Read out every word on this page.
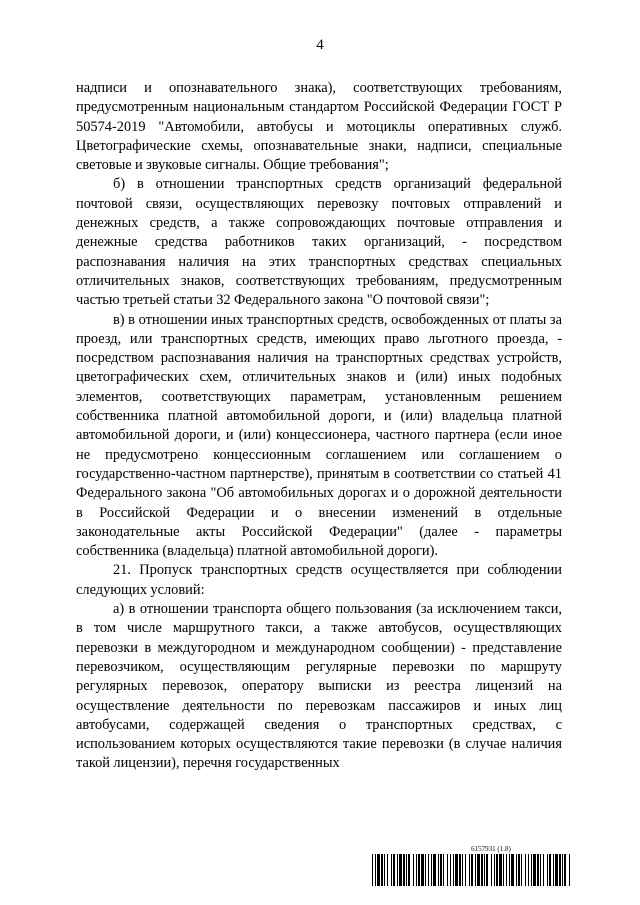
4

надписи и опознавательного знака), соответствующих требованиям, предусмотренным национальным стандартом Российской Федерации ГОСТ Р 50574-2019 "Автомобили, автобусы и мотоциклы оперативных служб. Цветографические схемы, опознавательные знаки, надписи, специальные световые и звуковые сигналы. Общие требования";

б) в отношении транспортных средств организаций федеральной почтовой связи, осуществляющих перевозку почтовых отправлений и денежных средств, а также сопровождающих почтовые отправления и денежные средства работников таких организаций, - посредством распознавания наличия на этих транспортных средствах специальных отличительных знаков, соответствующих требованиям, предусмотренным частью третьей статьи 32 Федерального закона "О почтовой связи";

в) в отношении иных транспортных средств, освобожденных от платы за проезд, или транспортных средств, имеющих право льготного проезда, - посредством распознавания наличия на транспортных средствах устройств, цветографических схем, отличительных знаков и (или) иных подобных элементов, соответствующих параметрам, установленным решением собственника платной автомобильной дороги, и (или) владельца платной автомобильной дороги, и (или) концессионера, частного партнера (если иное не предусмотрено концессионным соглашением или соглашением о государственно-частном партнерстве), принятым в соответствии со статьей 41 Федерального закона "Об автомобильных дорогах и о дорожной деятельности в Российской Федерации и о внесении изменений в отдельные законодательные акты Российской Федерации" (далее - параметры собственника (владельца) платной автомобильной дороги).

21. Пропуск транспортных средств осуществляется при соблюдении следующих условий:

а) в отношении транспорта общего пользования (за исключением такси, в том числе маршрутного такси, а также автобусов, осуществляющих перевозки в междугородном и международном сообщении) - представление перевозчиком, осуществляющим регулярные перевозки по маршруту регулярных перевозок, оператору выписки из реестра лицензий на осуществление деятельности по перевозкам пассажиров и иных лиц автобусами, содержащей сведения о транспортных средствах, с использованием которых осуществляются такие перевозки (в случае наличия такой лицензии), перечня государственных

6157931 (1.8)
